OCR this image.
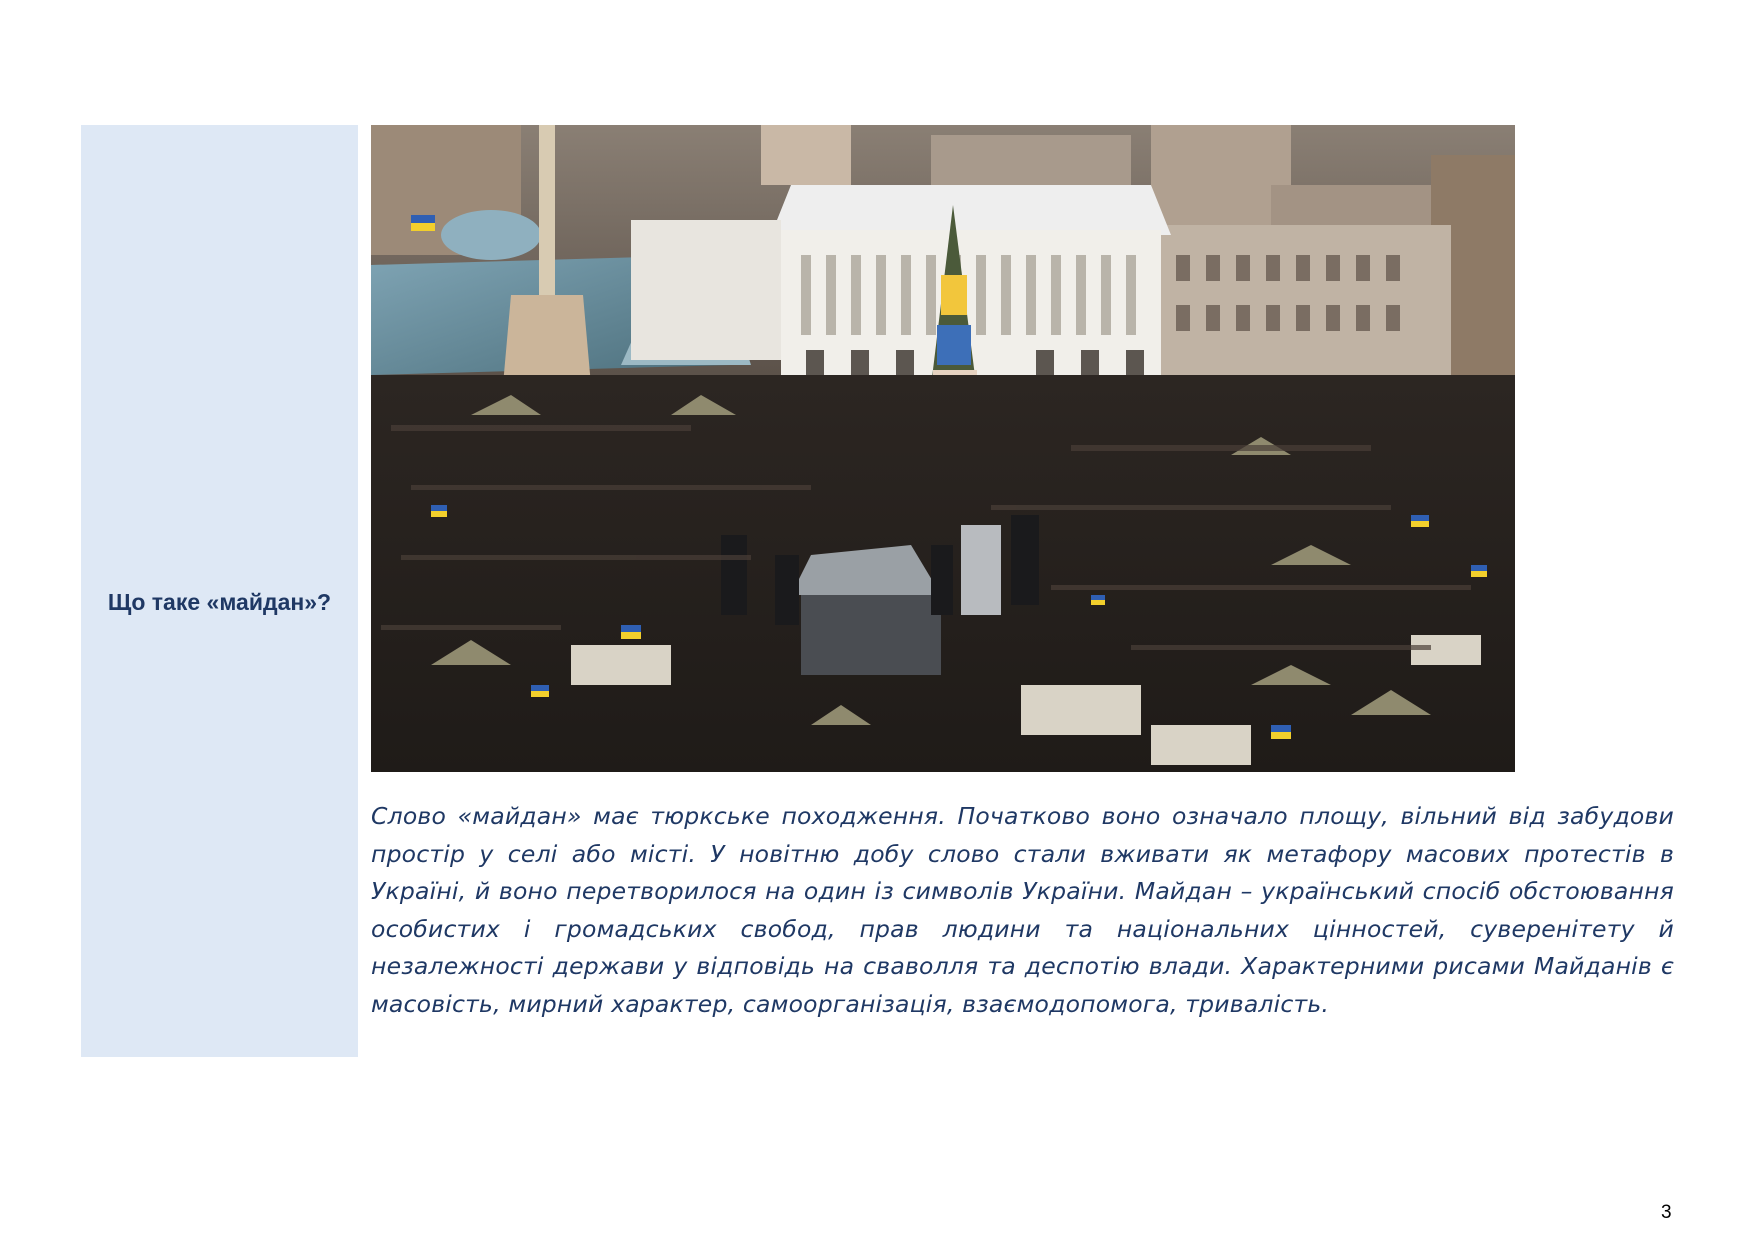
Що таке «майдан»?
Слово «майдан» має тюркське походження. Початково воно означало площу, вільний від забудови простір у селі або місті. У новітню добу слово стали вживати як метафору масових протестів в Україні, й воно перетворилося на один із символів України. Майдан – український спосіб обстоювання особистих і громадських свобод, прав людини та національних цінностей, суверенітету й незалежності держави у відповідь на сваволля та деспотію влади. Характерними рисами Майданів є масовість, мирний характер, самоорганізація, взаємодопомога, тривалість.
3
